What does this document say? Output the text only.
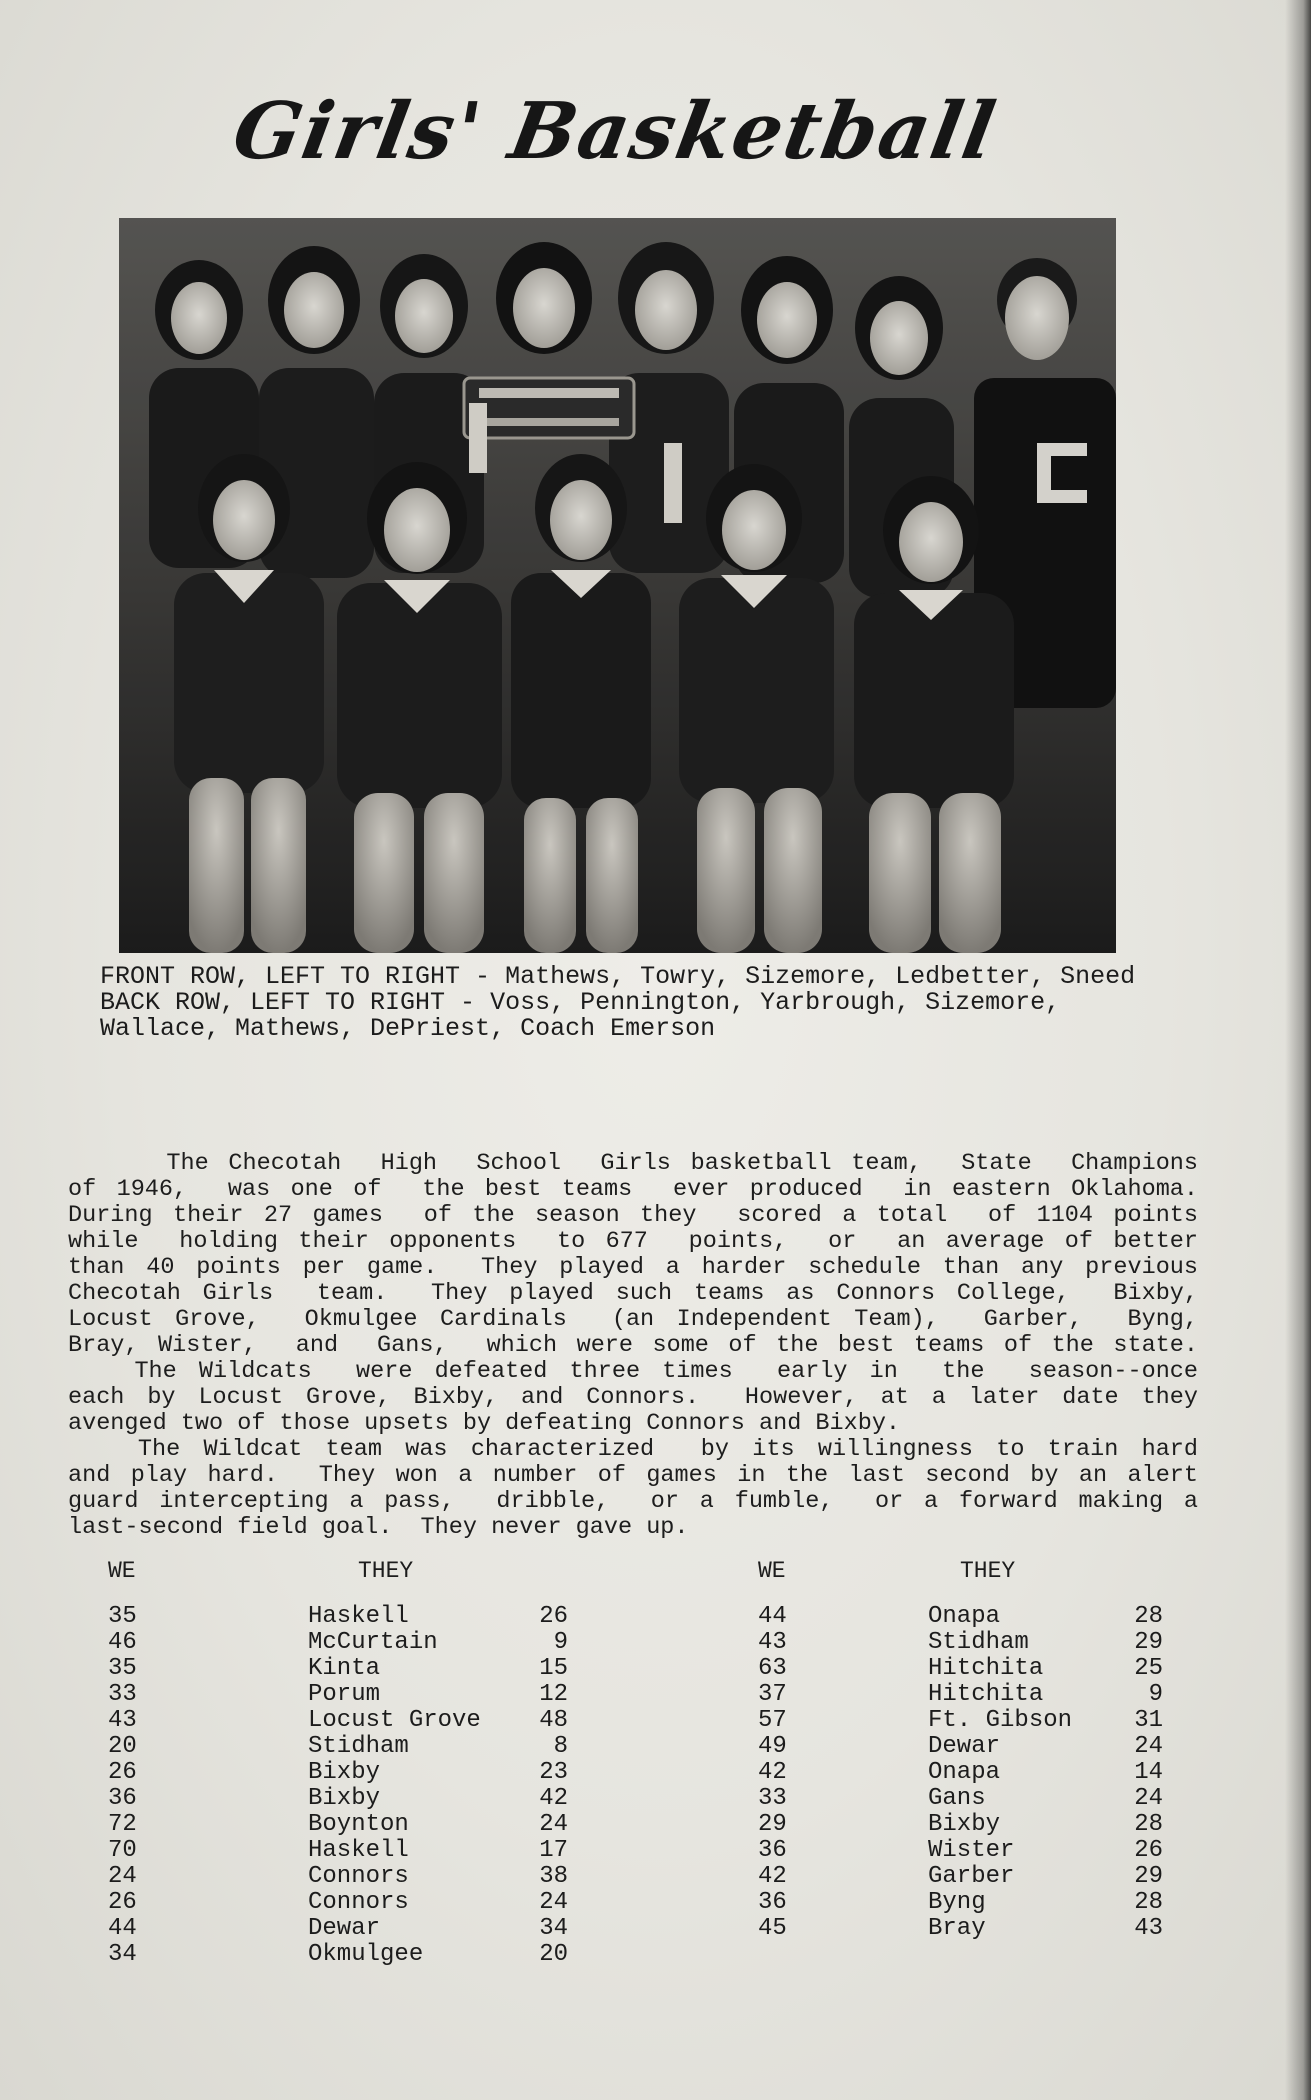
Girls' Basketball
FRONT ROW, LEFT TO RIGHT - Mathews, Towry, Sizemore, Ledbetter, Sneed
BACK ROW, LEFT TO RIGHT - Voss, Pennington, Yarbrough, Sizemore,
Wallace, Mathews, DePriest, Coach Emerson
The Checotah  High  School  Girls basketball team,  State  Champions
of 1946,  was one of  the best teams  ever produced  in eastern Oklahoma.
During their 27 games  of the season they  scored a total  of 1104 points
while  holding their opponents  to 677  points,  or  an average of better
than 40 points per game.  They played a harder schedule than any previous
Checotah Girls  team.  They played such teams as Connors College,  Bixby,
Locust Grove,  Okmulgee Cardinals  (an Independent Team),  Garber,  Byng,
Bray, Wister,  and  Gans,  which were some of the best teams of the state.
The Wildcats  were defeated three times  early in  the  season--once
each by Locust Grove, Bixby, and Connors.  However, at a later date they
avenged two of those upsets by defeating Connors and Bixby.
The Wildcat team was characterized  by its willingness to train hard
and play hard.  They won a number of games in the last second by an alert
guard intercepting a pass,  dribble,  or a fumble,  or a forward making a
last-second field goal.  They never gave up.
WE	THEY	WE	THEY
35	Haskell	26
46	McCurtain	9
35	Kinta	15
33	Porum	12
43	Locust Grove	48
20	Stidham	8
26	Bixby	23
36	Bixby	42
72	Boynton	24
70	Haskell	17
24	Connors	38
26	Connors	24
44	Dewar	34
34	Okmulgee	20
44	Onapa	28
43	Stidham	29
63	Hitchita	25
37	Hitchita	9
57	Ft. Gibson	31
49	Dewar	24
42	Onapa	14
33	Gans	24
29	Bixby	28
36	Wister	26
42	Garber	29
36	Byng	28
45	Bray	43
